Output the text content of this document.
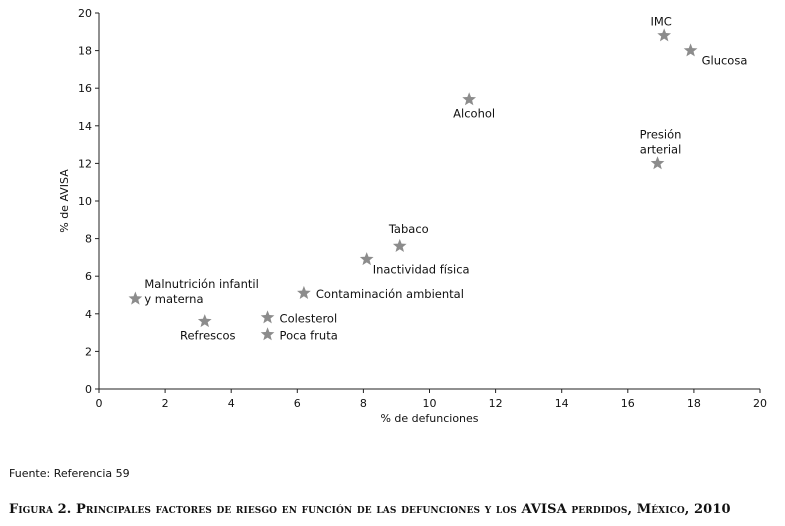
0	2	4	6	8	10	12	14	16	18	20
0
2
4
6
8
10
12
14
16
18
20
Malnutrición infantil
y materna
Refrescos
Colesterol
Poca fruta
Contaminación ambiental
Inactividad física
Tabaco
Alcohol
Presión
arterial
IMC
Glucosa
% de defunciones
% de AVISA
Fuente: Referencia 59
Figura 2. Principales factores de riesgo en función de las defunciones y los AVISA perdidos, México, 2010
